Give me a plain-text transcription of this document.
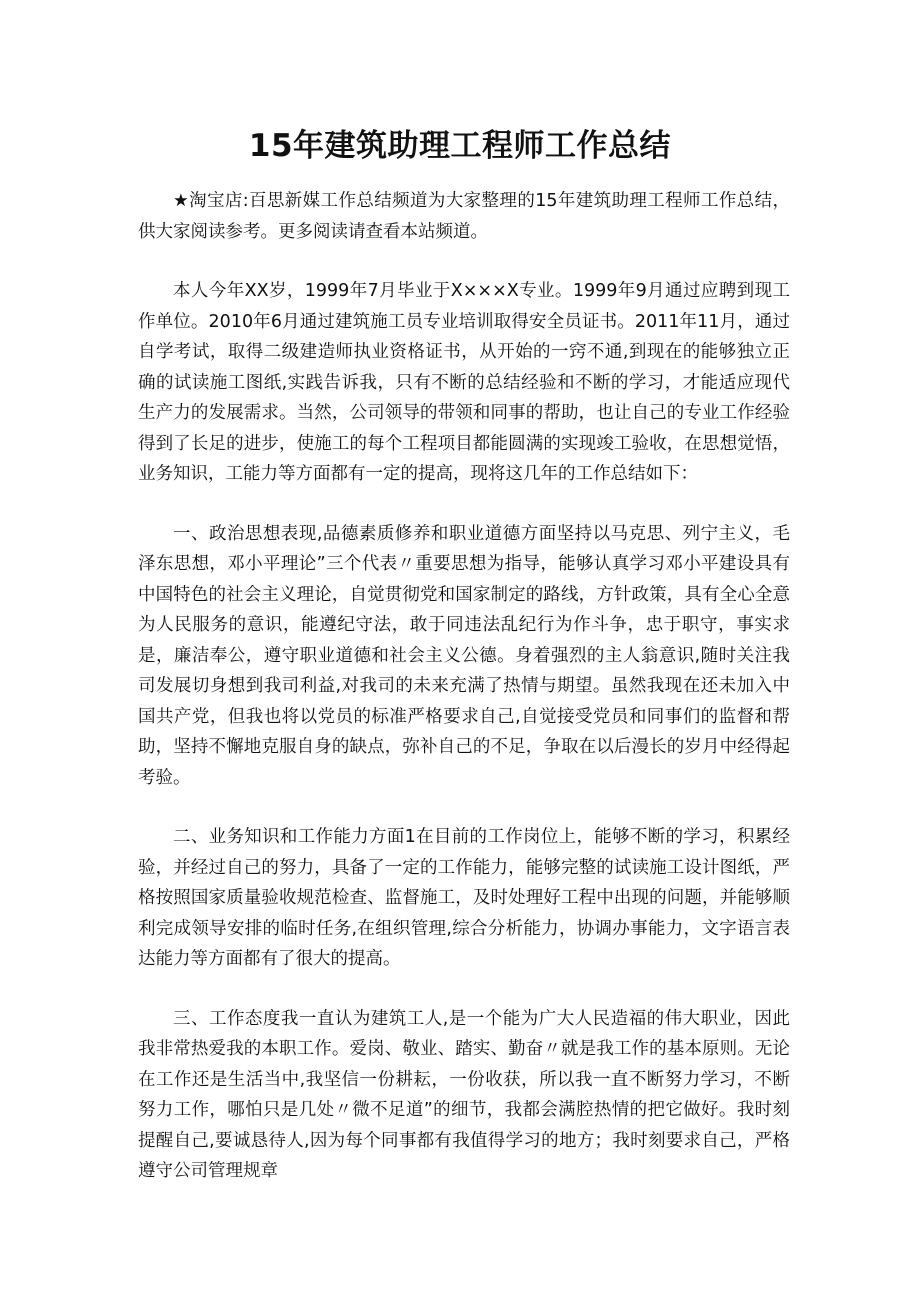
15年建筑助理工程师工作总结

★淘宝店:百思新媒工作总结频道为大家整理的15年建筑助理工程师工作总结，供大家阅读参考。更多阅读请查看本站频道。

本人今年XX岁，1999年7月毕业于X×××X专业。1999年9月通过应聘到现工作单位。2010年6月通过建筑施工员专业培训取得安全员证书。2011年11月，通过自学考试，取得二级建造师执业资格证书，从开始的一窍不通,到现在的能够独立正确的试读施工图纸,实践告诉我，只有不断的总结经验和不断的学习，才能适应现代生产力的发展需求。当然，公司领导的带领和同事的帮助，也让自己的专业工作经验得到了长足的进步，使施工的每个工程项目都能圆满的实现竣工验收，在思想觉悟，业务知识，工能力等方面都有一定的提高，现将这几年的工作总结如下：

一、政治思想表现,品德素质修养和职业道德方面坚持以马克思、列宁主义，毛泽东思想，邓小平理论”三个代表〃重要思想为指导，能够认真学习邓小平建设具有中国特色的社会主义理论，自觉贯彻党和国家制定的路线，方针政策，具有全心全意为人民服务的意识，能遵纪守法，敢于同违法乱纪行为作斗争，忠于职守，事实求是，廉洁奉公，遵守职业道德和社会主义公德。身着强烈的主人翁意识,随时关注我司发展切身想到我司利益,对我司的未来充满了热情与期望。虽然我现在还未加入中国共产党，但我也将以党员的标准严格要求自己,自觉接受党员和同事们的监督和帮助，坚持不懈地克服自身的缺点，弥补自己的不足，争取在以后漫长的岁月中经得起考验。

二、业务知识和工作能力方面1在目前的工作岗位上，能够不断的学习，积累经验，并经过自己的努力，具备了一定的工作能力，能够完整的试读施工设计图纸，严格按照国家质量验收规范检查、监督施工，及时处理好工程中出现的问题，并能够顺利完成领导安排的临时任务,在组织管理,综合分析能力，协调办事能力，文字语言表达能力等方面都有了很大的提高。

三、工作态度我一直认为建筑工人,是一个能为广大人民造福的伟大职业，因此我非常热爱我的本职工作。爱岗、敬业、踏实、勤奋〃就是我工作的基本原则。无论在工作还是生活当中,我坚信一份耕耘，一份收获，所以我一直不断努力学习，不断努力工作，哪怕只是几处〃微不足道”的细节，我都会满腔热情的把它做好。我时刻提醒自己,要诚恳待人,因为每个同事都有我值得学习的地方；我时刻要求自己，严格遵守公司管理规章
